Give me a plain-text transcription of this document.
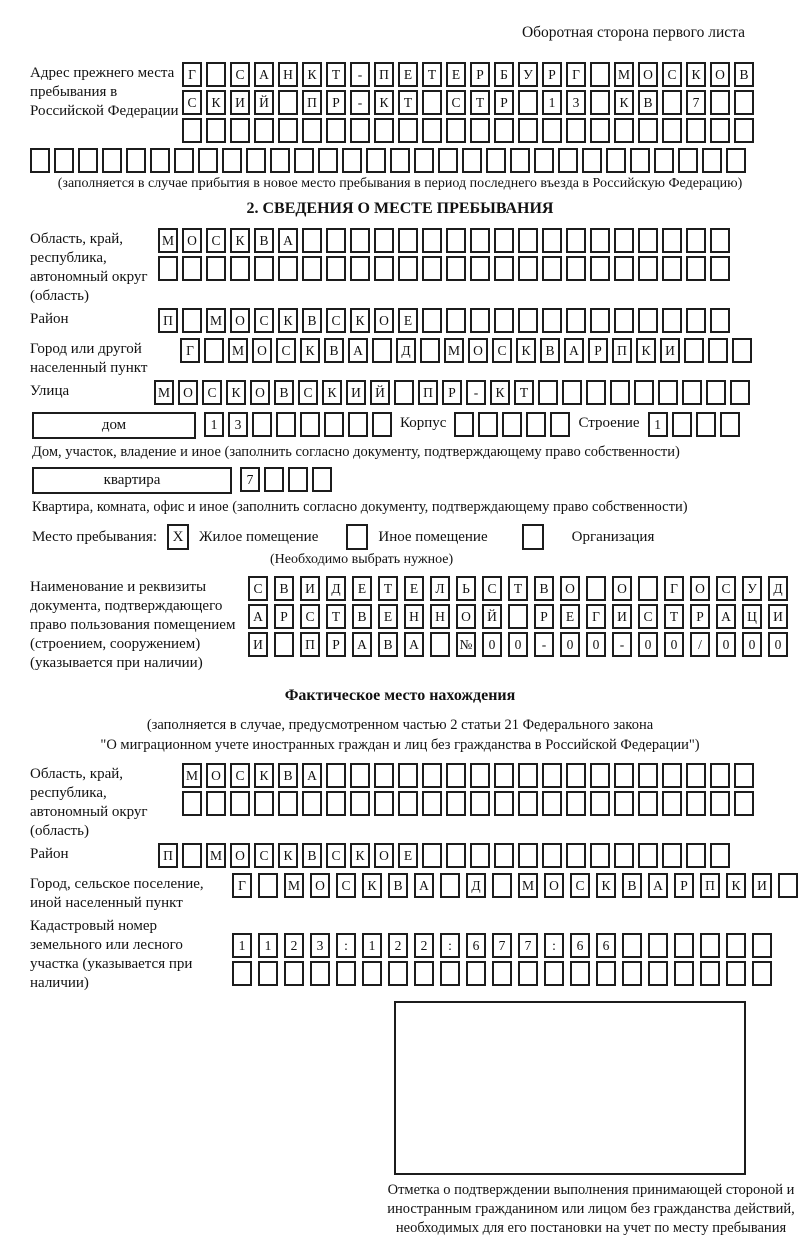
Оборотная сторона первого листа
Адрес прежнего места пребывания в Российской Федерации
Г	С	А	Н	К	Т	-	П	Е	Т	Е	Р	Б	У	Р	Г	М О	С	К	О	В
С	К	И	Й	П	Р	-	К	Т	С	Т	Р	1	3	К	В	7
(заполняется в случае прибытия в новое место пребывания в период последнего въезда в Российскую Федерацию)
2. СВЕДЕНИЯ О МЕСТЕ ПРЕБЫВАНИЯ
Область, край, республика, автономный округ (область)
М О	С	К	В	А
Район	П	М О	С	К	В	С	К	О	Е
Город или другой населенный пункт
Г	М О	С	К	В	А	Д	М О	С	К	В	А	Р	П	К	И
Улица	М О	С	К	О	В	С	К	И	Й	П	Р	-	К	Т
дом	1	3	Корпус	Строение	1
Дом, участок, владение и иное (заполнить согласно документу, подтверждающему право собственности)
квартира	7
Квартира, комната, офис и иное (заполнить согласно документу, подтверждающему право собственности)
Место пребывания:	X	Жилое помещение	Иное помещение	Организация
(Необходимо выбрать нужное)
Наименование и реквизиты документа, подтверждающего право пользования помещением (строением, сооружением) (указывается при наличии)
С	В	И	Д	Е	Т	Е	Л	Ь	С	Т	В	О	О	Г	О	С	У	Д
А	Р	С	Т	В	Е	Н	Н	О	Й	Р	Е	Г	И	С	Т	Р	А	Ц	И
И	П	Р	А	В	А	№	0	0	-	0	0	-	0	0	/	0	0	0
Фактическое место нахождения
(заполняется в случае, предусмотренном частью 2 статьи 21 Федерального закона
"О миграционном учете иностранных граждан и лиц без гражданства в Российской Федерации")
Область, край, республика, автономный округ (область)
М О	С	К	В	А
Район	П	М О	С	К	В	С	К	О	Е
Город, сельское поселение, иной населенный пункт
Г	М	О	С	К	В	А	Д	М	О	С	К	В	А	Р	П	К	И
Кадастровый номер земельного или лесного участка (указывается при наличии)
1	1	2	3	:	1	2	2	:	6	7	7	:	6	6
Отметка о подтверждении выполнения принимающей стороной и иностранным гражданином или лицом без гражданства действий, необходимых для его постановки на учет по месту пребывания
